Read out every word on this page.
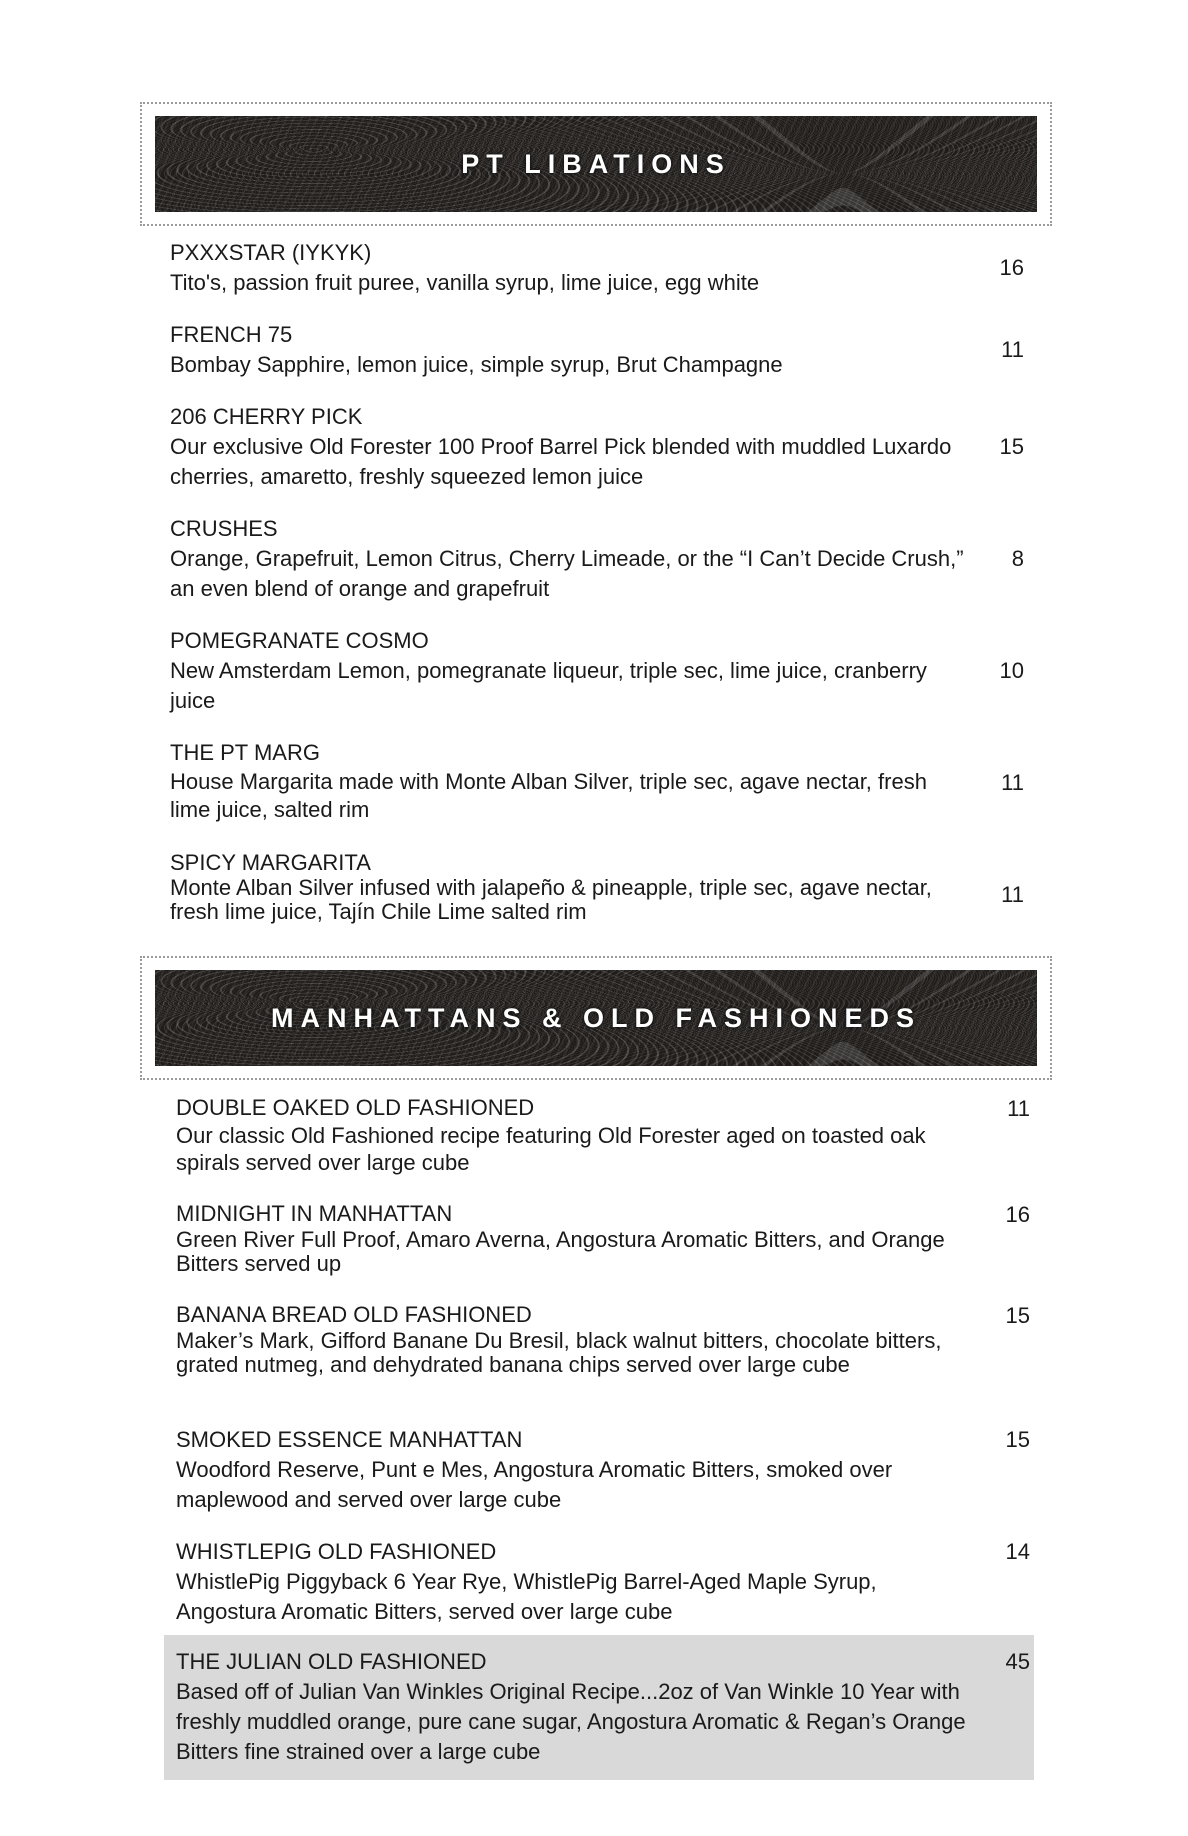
PT LIBATIONS
PXXXSTAR (IYKYK)
Tito's, passion fruit puree, vanilla syrup, lime juice, egg white
16
FRENCH 75
Bombay Sapphire, lemon juice, simple syrup, Brut Champagne
11
206 CHERRY PICK
Our exclusive Old Forester 100 Proof Barrel Pick blended with muddled Luxardo cherries, amaretto, freshly squeezed lemon juice
15
CRUSHES
Orange, Grapefruit, Lemon Citrus, Cherry Limeade, or the “I Can’t Decide Crush,” an even blend of orange and grapefruit
8
POMEGRANATE COSMO
New Amsterdam Lemon, pomegranate liqueur, triple sec, lime juice, cranberry juice
10
THE PT MARG
House Margarita made with Monte Alban Silver, triple sec, agave nectar, fresh lime juice, salted rim
11
SPICY MARGARITA
Monte Alban Silver infused with jalapeño & pineapple, triple sec, agave nectar, fresh lime juice, Tajín Chile Lime salted rim
11
MANHATTANS & OLD FASHIONEDS
DOUBLE OAKED OLD FASHIONED
Our classic Old Fashioned recipe featuring Old Forester aged on toasted oak spirals served over large cube
11
MIDNIGHT IN MANHATTAN
Green River Full Proof, Amaro Averna, Angostura Aromatic Bitters, and Orange Bitters served up
16
BANANA BREAD OLD FASHIONED
Maker’s Mark, Gifford Banane Du Bresil, black walnut bitters, chocolate bitters, grated nutmeg, and dehydrated banana chips served over large cube
15
SMOKED ESSENCE MANHATTAN
Woodford Reserve, Punt e Mes, Angostura Aromatic Bitters, smoked over maplewood and served over large cube
15
WHISTLEPIG OLD FASHIONED
WhistlePig Piggyback 6 Year Rye, WhistlePig Barrel-Aged Maple Syrup, Angostura Aromatic Bitters, served over large cube
14
THE JULIAN OLD FASHIONED
Based off of Julian Van Winkles Original Recipe...2oz of Van Winkle 10 Year with freshly muddled orange, pure cane sugar, Angostura Aromatic & Regan’s Orange Bitters fine strained over a large cube
45
